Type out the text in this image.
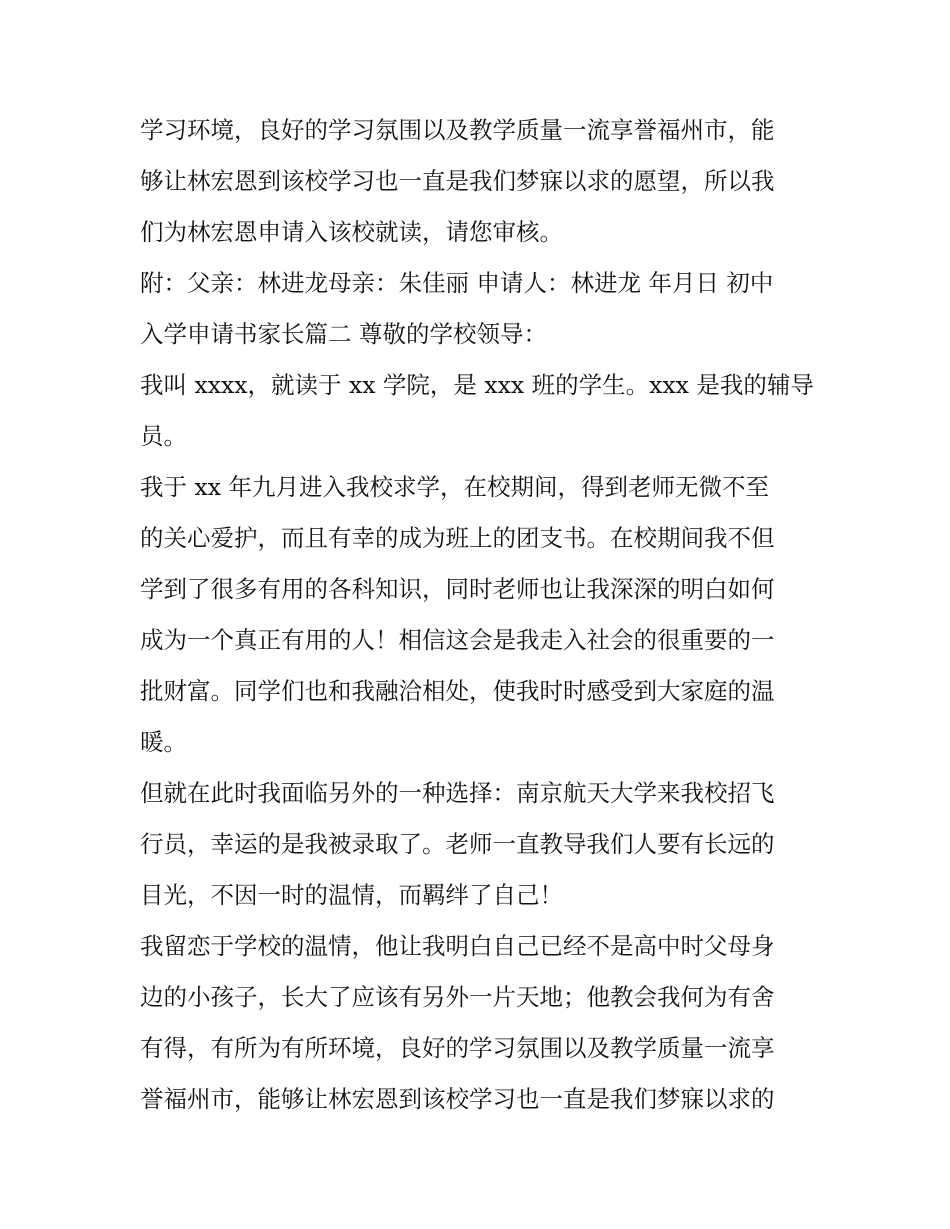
学习环境，良好的学习氛围以及教学质量一流享誉福州市，能
够让林宏恩到该校学习也一直是我们梦寐以求的愿望，所以我
们为林宏恩申请入该校就读，请您审核。
附：父亲：林进龙母亲：朱佳丽 申请人：林进龙 年月日 初中
入学申请书家长篇二 尊敬的学校领导：
我叫 xxxx，就读于 xx 学院，是 xxx 班的学生。xxx 是我的辅导
员。
我于 xx 年九月进入我校求学，在校期间，得到老师无微不至
的关心爱护，而且有幸的成为班上的团支书。在校期间我不但
学到了很多有用的各科知识，同时老师也让我深深的明白如何
成为一个真正有用的人！相信这会是我走入社会的很重要的一
批财富。同学们也和我融洽相处，使我时时感受到大家庭的温
暖。
但就在此时我面临另外的一种选择：南京航天大学来我校招飞
行员，幸运的是我被录取了。老师一直教导我们人要有长远的
目光，不因一时的温情，而羁绊了自己！
我留恋于学校的温情，他让我明白自己已经不是高中时父母身
边的小孩子，长大了应该有另外一片天地；他教会我何为有舍
有得，有所为有所环境，良好的学习氛围以及教学质量一流享
誉福州市，能够让林宏恩到该校学习也一直是我们梦寐以求的
